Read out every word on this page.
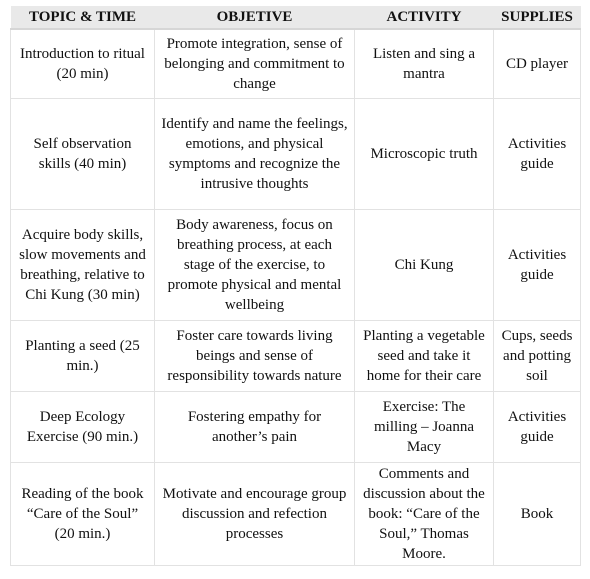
TOPIC & TIME	OBJETIVE	ACTIVITY	SUPPLIES
Introduction to ritual (20 min)	Promote integration, sense of belonging and commitment to change	Listen and sing a mantra	CD player
Self observation skills (40 min)	Identify and name the feelings, emotions, and physical symptoms and recognize the intrusive thoughts	Microscopic truth	Activities guide
Acquire body skills, slow movements and breathing, relative to Chi Kung (30 min)	Body awareness, focus on breathing process, at each stage of the exercise, to promote physical and mental wellbeing	Chi Kung	Activities guide
Planting a seed (25 min.)	Foster care towards living beings and sense of responsibility towards nature	Planting a vegetable seed and take it home for their care	Cups, seeds and potting soil
Deep Ecology Exercise (90 min.)	Fostering empathy for another’s pain	Exercise: The milling – Joanna Macy	Activities guide
Reading of the book “Care of the Soul” (20 min.)	Motivate and encourage group discussion and refection processes	Comments and discussion about the book: “Care of the Soul,” Thomas Moore.	Book
